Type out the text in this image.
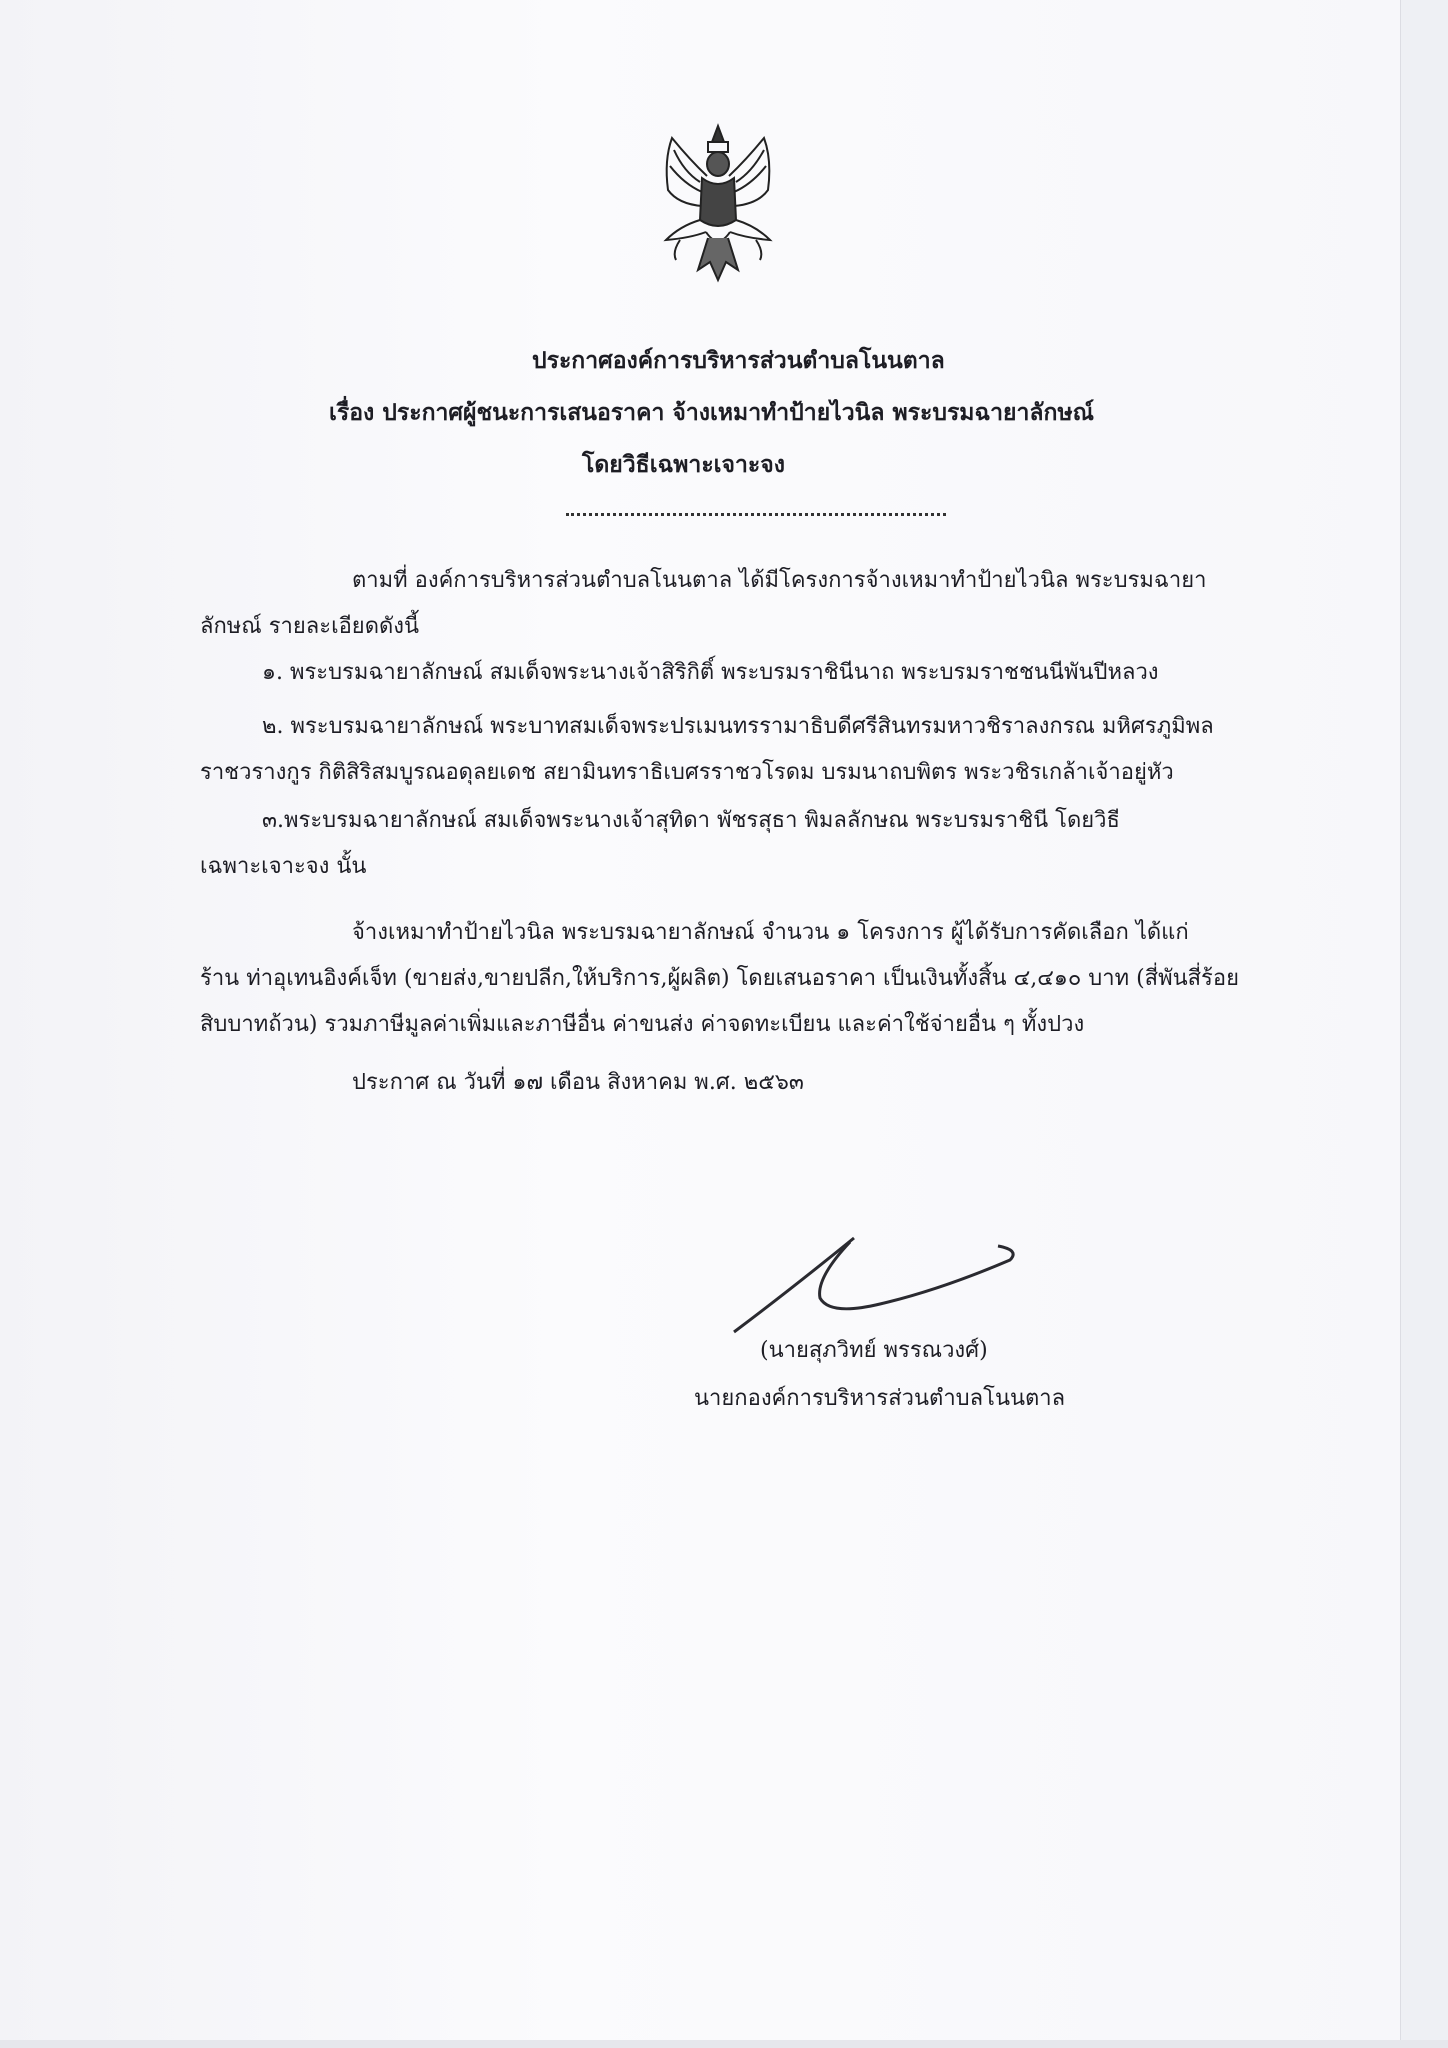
ประกาศองค์การบริหารส่วนตำบลโนนตาล
เรื่อง ประกาศผู้ชนะการเสนอราคา จ้างเหมาทำป้ายไวนิล พระบรมฉายาลักษณ์
โดยวิธีเฉพาะเจาะจง
ตามที่ องค์การบริหารส่วนตำบลโนนตาล ได้มีโครงการจ้างเหมาทำป้ายไวนิล พระบรมฉายา
ลักษณ์ รายละเอียดดังนี้
๑. พระบรมฉายาลักษณ์ สมเด็จพระนางเจ้าสิริกิติ์ พระบรมราชินีนาถ พระบรมราชชนนีพันปีหลวง
๒. พระบรมฉายาลักษณ์ พระบาทสมเด็จพระปรเมนทรรามาธิบดีศรีสินทรมหาวชิราลงกรณ มหิศรภูมิพล
ราชวรางกูร กิติสิริสมบูรณอดุลยเดช สยามินทราธิเบศรราชวโรดม บรมนาถบพิตร พระวชิรเกล้าเจ้าอยู่หัว
๓.พระบรมฉายาลักษณ์ สมเด็จพระนางเจ้าสุทิดา พัชรสุธา พิมลลักษณ พระบรมราชินี โดยวิธี
เฉพาะเจาะจง นั้น
จ้างเหมาทำป้ายไวนิล พระบรมฉายาลักษณ์ จำนวน ๑ โครงการ ผู้ได้รับการคัดเลือก ได้แก่
ร้าน ท่าอุเทนอิงค์เจ็ท (ขายส่ง,ขายปลีก,ให้บริการ,ผู้ผลิต) โดยเสนอราคา เป็นเงินทั้งสิ้น ๔,๔๑๐ บาท (สี่พันสี่ร้อย
สิบบาทถ้วน) รวมภาษีมูลค่าเพิ่มและภาษีอื่น ค่าขนส่ง ค่าจดทะเบียน และค่าใช้จ่ายอื่น ๆ ทั้งปวง
ประกาศ ณ วันที่ ๑๗ เดือน สิงหาคม พ.ศ. ๒๕๖๓
(นายสุภวิทย์ พรรณวงศ์)
นายกองค์การบริหารส่วนตำบลโนนตาล
